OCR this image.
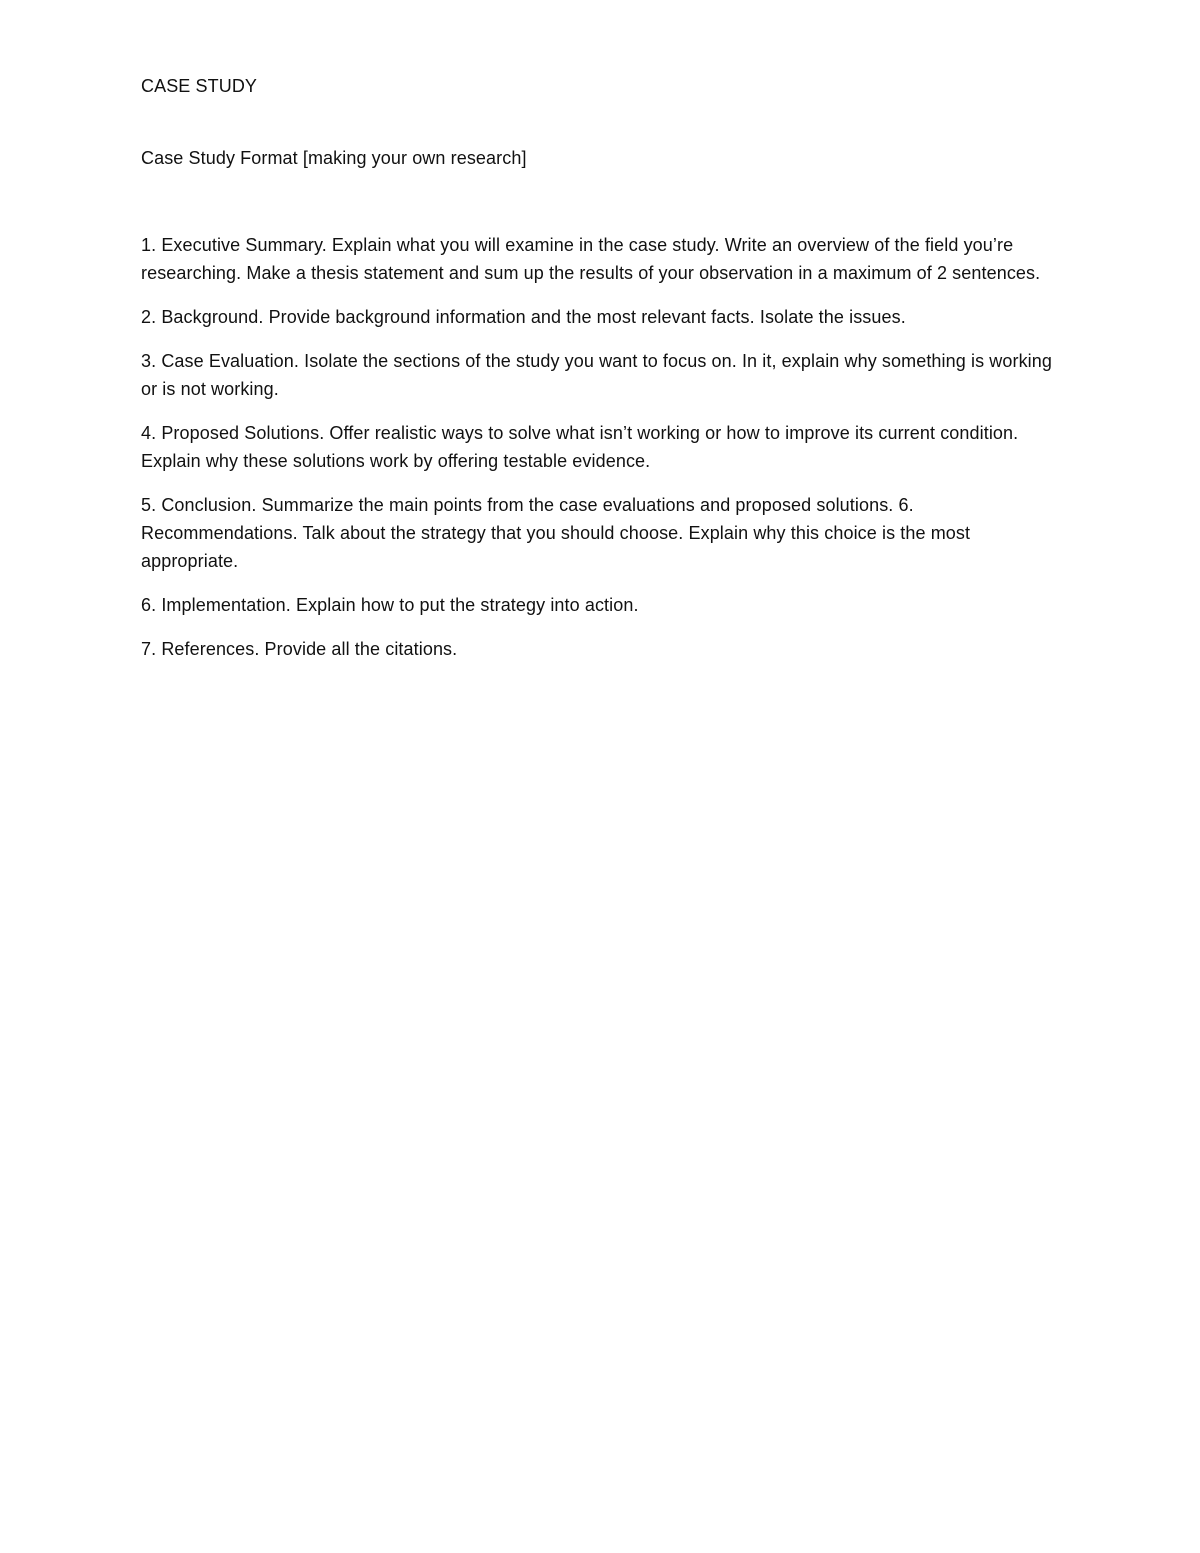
CASE STUDY

Case Study Format [making your own research]

1. Executive Summary. Explain what you will examine in the case study. Write an overview of the field you’re researching. Make a thesis statement and sum up the results of your observation in a maximum of 2 sentences.

2. Background. Provide background information and the most relevant facts. Isolate the issues.

3. Case Evaluation. Isolate the sections of the study you want to focus on. In it, explain why something is working or is not working.

4. Proposed Solutions. Offer realistic ways to solve what isn’t working or how to improve its current condition. Explain why these solutions work by offering testable evidence.

5. Conclusion. Summarize the main points from the case evaluations and proposed solutions. 6. Recommendations. Talk about the strategy that you should choose. Explain why this choice is the most appropriate.

6. Implementation. Explain how to put the strategy into action.

7. References. Provide all the citations.
